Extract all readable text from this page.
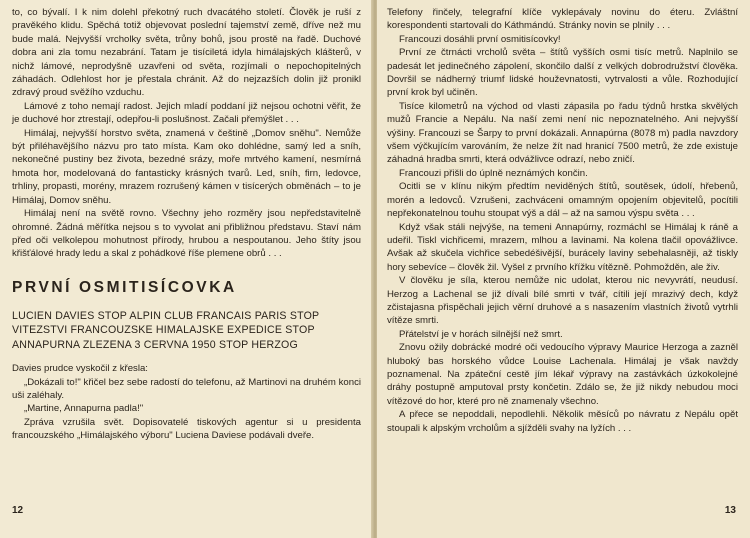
to, co bývalí. I k nim dolehl překotný ruch dvacátého století. Člověk je ruší z pravěkého klidu. Spěchá totiž objevovat poslední tajemství země, dříve než mu bude malá. Nejvyšší vrcholky světa, trůny bohů, jsou prostě na řadě. Duchové dobra ani zla tomu nezabrání. Tatam je tisíciletá idyla himálajských klášterů, v nichž lámové, neprodyšně uzavřeni od světa, rozjímali o nepochopitelných záhadách. Odlehlost hor je přestala chránit. Až do nejzazších dolin již pronikl zdravý proud svěžího vzduchu.

Lámové z toho nemají radost. Jejich mladí poddaní již nejsou ochotni věřit, že je duchové hor ztrestají, odepřou-li poslušnost. Začali přemýšlet . . .

Himálaj, nejvyšší horstvo světa, znamená v češtině „Domov sněhu". Nemůže být přiléhavějšího názvu pro tato místa. Kam oko dohlédne, samý led a sníh, nekonečné pustiny bez života, bezedné srázy, moře mrtvého kamení, nesmírná hmota hor, modelovaná do fantasticky krásných tvarů. Led, sníh, firn, ledovce, trhliny, propasti, morény, mrazem rozrušený kámen v tisícerých obměnách – to je Himálaj, Domov sněhu.

Himálaj není na světě rovno. Všechny jeho rozměry jsou nepředstavitelně ohromné. Žádná měřítka nejsou s to vyvolat ani přibližnou představu. Staví nám před oči velkolepou mohutnost přírody, hrubou a nespoutanou. Jeho štíty jsou křišťálové hrady ledu a skal z pohádkové říše plemene obrů . . .

PRVNÍ OSMITISÍCOVKA

LUCIEN DAVIES STOP ALPIN CLUB FRANCAIS PARIS STOP VITEZSTVI FRANCOUZSKE HIMALAJSKE EXPEDICE STOP ANNAPURNA ZLEZENA 3 CERVNA 1950 STOP HERZOG

Davies prudce vyskočil z křesla:

„Dokázali to!" křičel bez sebe radostí do telefonu, až Martinovi na druhém konci uši zaléhaly.

„Martine, Annapurna padla!"

Zpráva vzrušila svět. Dopisovatelé tiskových agentur si u presidenta francouzského „Himálajského výboru" Luciena Daviese podávali dveře.

12

Telefony řinčely, telegrafní klíče vyklepávaly novinu do éteru. Zvláštní korespondenti startovali do Káthmándú. Stránky novin se plnily . . .

Francouzi dosáhli první osmitisícovky!

První ze čtrnácti vrcholů světa – štítů vyšších osmi tisíc metrů. Naplnilo se padesát let jedinečného zápolení, skončilo další z velkých dobrodružství člověka. Dovršil se nádherný triumf lidské houževnatosti, vytrvalosti a vůle. Rozhodující první krok byl učiněn.

Tisíce kilometrů na východ od vlasti zápasila po řadu týdnů hrstka skvělých mužů Francie a Nepálu. Na naší zemi není nic nepoznatelného. Ani nejvyšší výšiny. Francouzi se Šarpy to první dokázali. Annapúrna (8078 m) padla navzdory všem výčkujícím varováním, že nelze žít nad hranicí 7500 metrů, že zde existuje záhadná hradba smrti, která odvážlivce odrazí, nebo zničí.

Francouzi přišli do úplně neznámých končin.

Ocitli se v klínu nikým předtím neviděných štítů, soutěsek, údolí, hřebenů, morén a ledovců. Vzrušeni, zachváceni omamným opojením objevitelů, pocítili nepřekonatelnou touhu stoupat výš a dál – až na samou výspu světa . . .

Když však stáli nejvýše, na temeni Annapúrny, rozmáchl se Himálaj k ráně a udeřil. Tiskl vichřicemi, mrazem, mlhou a lavinami. Na kolena tlačil opovážlivce. Avšak až skučela vichřice sebedéšivější, burácely laviny sebehalasněji, až tiskly hory sebevíce – člověk žil. Vyšel z prvního křížku vítězně. Pohmožděn, ale živ.

V člověku je síla, kterou nemůže nic udolat, kterou nic nevyvrátí, neudusí. Herzog a Lachenal se již dívali bílé smrti v tvář, cítili její mrazivý dech, když zčistajasna přispěchali jejich věrní druhové a s nasazením vlastních životů vytrhli vítěze smrti.

Přátelství je v horách silnější než smrt.

Znovu ožily dobrácké modré oči vedoucího výpravy Maurice Herzoga a zazněl hluboký bas horského vůdce Louise Lachenala. Himálaj je však navždy poznamenal. Na zpáteční cestě jím lékař výpravy na zastávkách úzkokolejné dráhy postupně amputoval prsty končetin. Zdálo se, že již nikdy nebudou moci vítězové do hor, které pro ně znamenaly všechno.

A přece se nepoddali, nepodlehli. Několik měsíců po návratu z Nepálu opět stoupali k alpským vrcholům a sjížděli svahy na lyžích . . .

13
